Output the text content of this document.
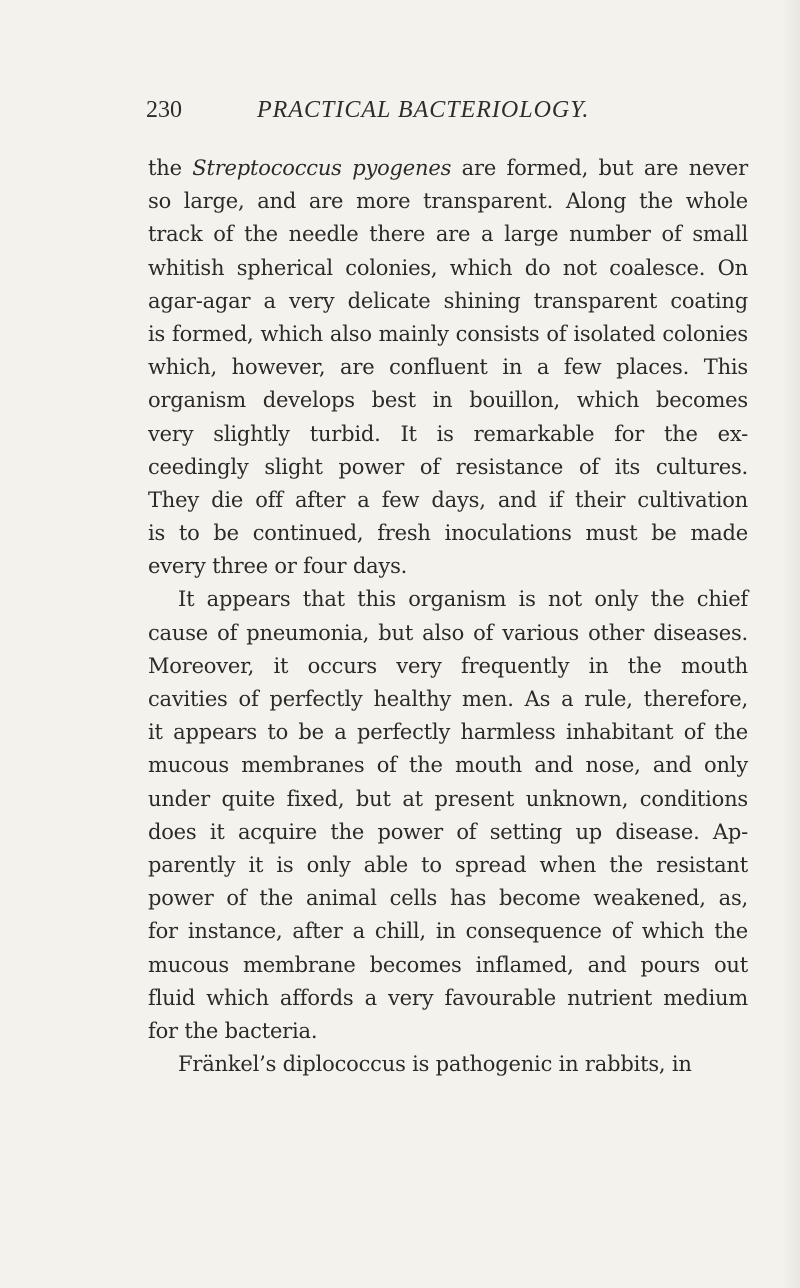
230	PRACTICAL BACTERIOLOGY.
the Streptococcus pyogenes are formed, but are never
so large, and are more transparent. Along the whole
track of the needle there are a large number of small
whitish spherical colonies, which do not coalesce. On
agar-agar a very delicate shining transparent coating
is formed, which also mainly consists of isolated colonies
which, however, are confluent in a few places. This
organism develops best in bouillon, which becomes
very slightly turbid. It is remarkable for the ex-
ceedingly slight power of resistance of its cultures.
They die off after a few days, and if their cultivation
is to be continued, fresh inoculations must be made
every three or four days.
It appears that this organism is not only the chief
cause of pneumonia, but also of various other diseases.
Moreover, it occurs very frequently in the mouth
cavities of perfectly healthy men. As a rule, therefore,
it appears to be a perfectly harmless inhabitant of the
mucous membranes of the mouth and nose, and only
under quite fixed, but at present unknown, conditions
does it acquire the power of setting up disease. Ap-
parently it is only able to spread when the resistant
power of the animal cells has become weakened, as,
for instance, after a chill, in consequence of which the
mucous membrane becomes inflamed, and pours out
fluid which affords a very favourable nutrient medium
for the bacteria.
Fränkel’s diplococcus is pathogenic in rabbits, in
